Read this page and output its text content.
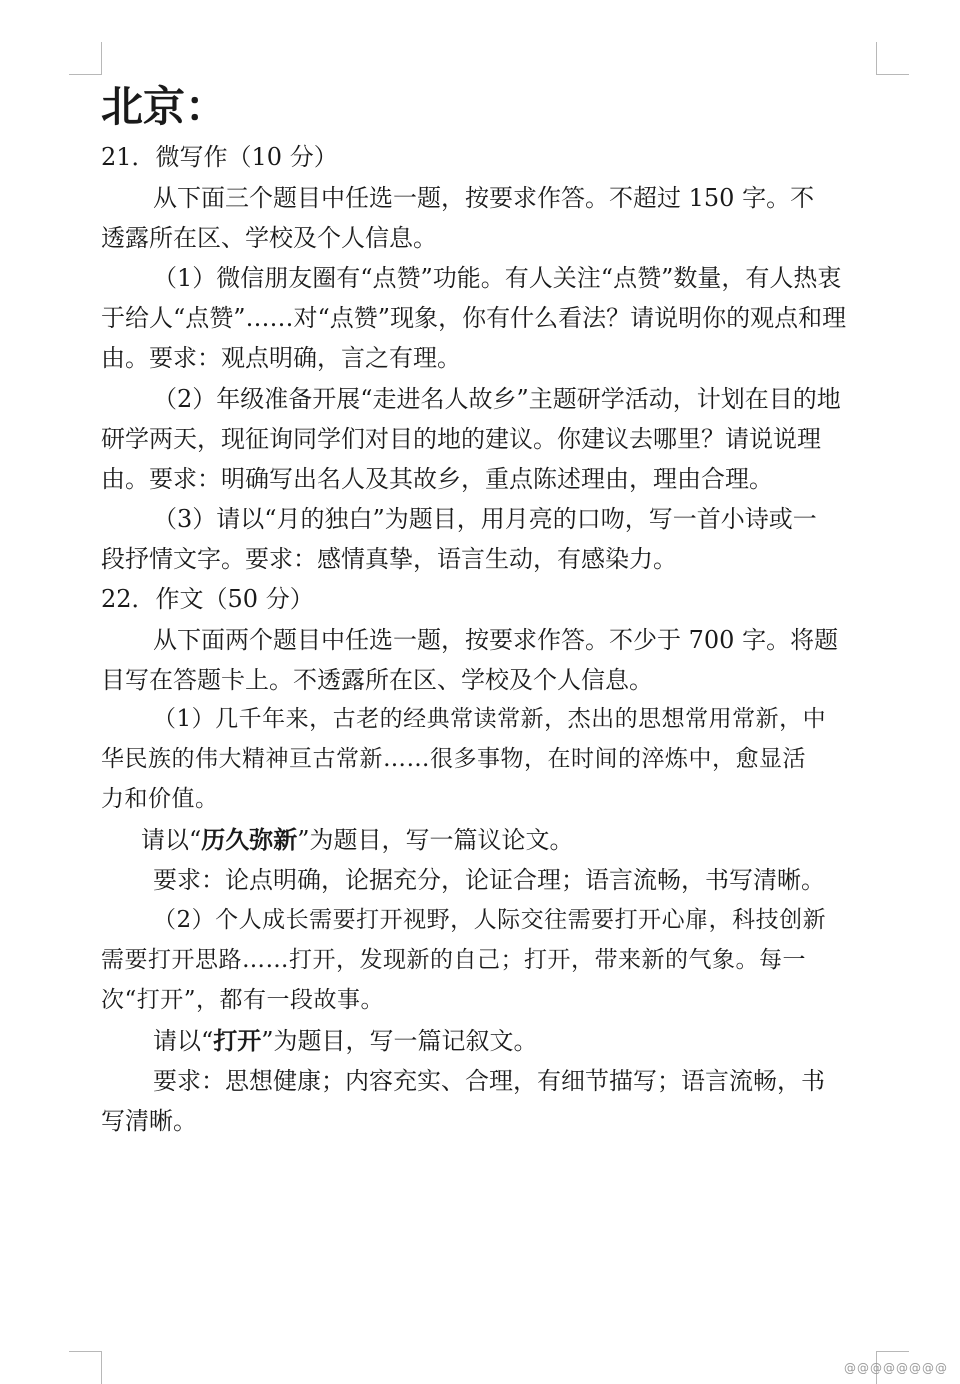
北京：
21．微写作（10 分）
从下面三个题目中任选一题，按要求作答。不超过 150 字。不
透露所在区、学校及个人信息。
（1）微信朋友圈有“点赞”功能。有人关注“点赞”数量，有人热衷
于给人“点赞”……对“点赞”现象，你有什么看法？请说明你的观点和理
由。要求：观点明确，言之有理。
（2）年级准备开展“走进名人故乡”主题研学活动，计划在目的地
研学两天，现征询同学们对目的地的建议。你建议去哪里？请说说理
由。要求：明确写出名人及其故乡，重点陈述理由，理由合理。
（3）请以“月的独白”为题目，用月亮的口吻，写一首小诗或一
段抒情文字。要求：感情真挚，语言生动，有感染力。
22．作文（50 分）
从下面两个题目中任选一题，按要求作答。不少于 700 字。将题
目写在答题卡上。不透露所在区、学校及个人信息。
（1）几千年来，古老的经典常读常新，杰出的思想常用常新，中
华民族的伟大精神亘古常新……很多事物，在时间的淬炼中，愈显活
力和价值。
请以“历久弥新”为题目，写一篇议论文。
要求：论点明确，论据充分，论证合理；语言流畅，书写清晰。
（2）个人成长需要打开视野，人际交往需要打开心扉，科技创新
需要打开思路……打开，发现新的自己；打开，带来新的气象。每一
次“打开”，都有一段故事。
请以“打开”为题目，写一篇记叙文。
要求：思想健康；内容充实、合理，有细节描写；语言流畅，书
写清晰。
@@@@@@@@
